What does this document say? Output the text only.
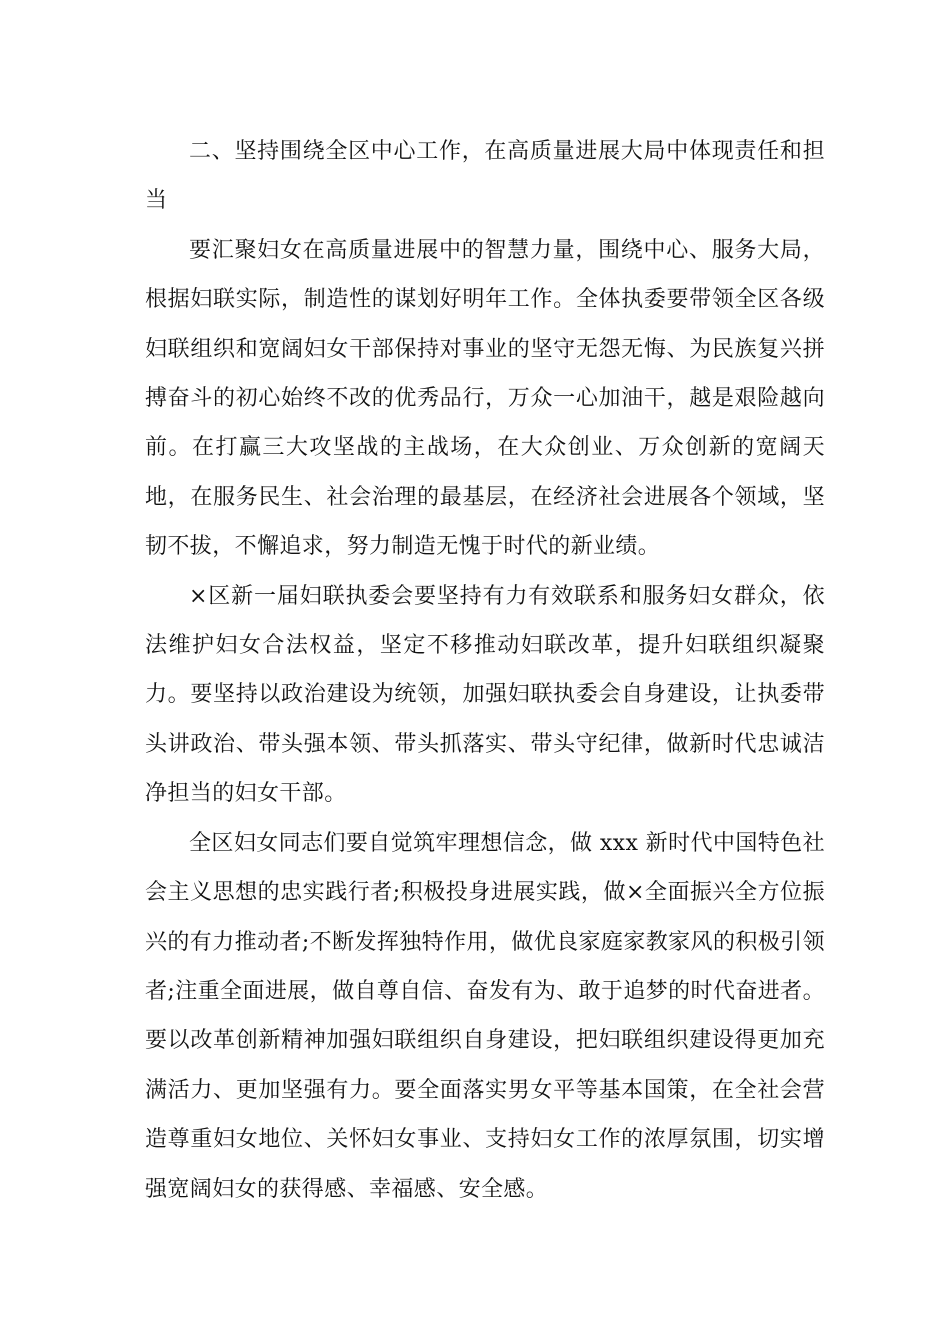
二、坚持围绕全区中心工作，在高质量进展大局中体现责任和担当

要汇聚妇女在高质量进展中的智慧力量，围绕中心、服务大局，根据妇联实际，制造性的谋划好明年工作。全体执委要带领全区各级妇联组织和宽阔妇女干部保持对事业的坚守无怨无悔、为民族复兴拼搏奋斗的初心始终不改的优秀品行，万众一心加油干，越是艰险越向前。在打赢三大攻坚战的主战场，在大众创业、万众创新的宽阔天地，在服务民生、社会治理的最基层，在经济社会进展各个领域，坚韧不拔，不懈追求，努力制造无愧于时代的新业绩。

×区新一届妇联执委会要坚持有力有效联系和服务妇女群众，依法维护妇女合法权益，坚定不移推动妇联改革，提升妇联组织凝聚力。要坚持以政治建设为统领，加强妇联执委会自身建设，让执委带头讲政治、带头强本领、带头抓落实、带头守纪律，做新时代忠诚洁净担当的妇女干部。

全区妇女同志们要自觉筑牢理想信念，做 xxx 新时代中国特色社会主义思想的忠实践行者;积极投身进展实践，做×全面振兴全方位振兴的有力推动者;不断发挥独特作用，做优良家庭家教家风的积极引领者;注重全面进展，做自尊自信、奋发有为、敢于追梦的时代奋进者。要以改革创新精神加强妇联组织自身建设，把妇联组织建设得更加充满活力、更加坚强有力。要全面落实男女平等基本国策，在全社会营造尊重妇女地位、关怀妇女事业、支持妇女工作的浓厚氛围，切实增强宽阔妇女的获得感、幸福感、安全感。
